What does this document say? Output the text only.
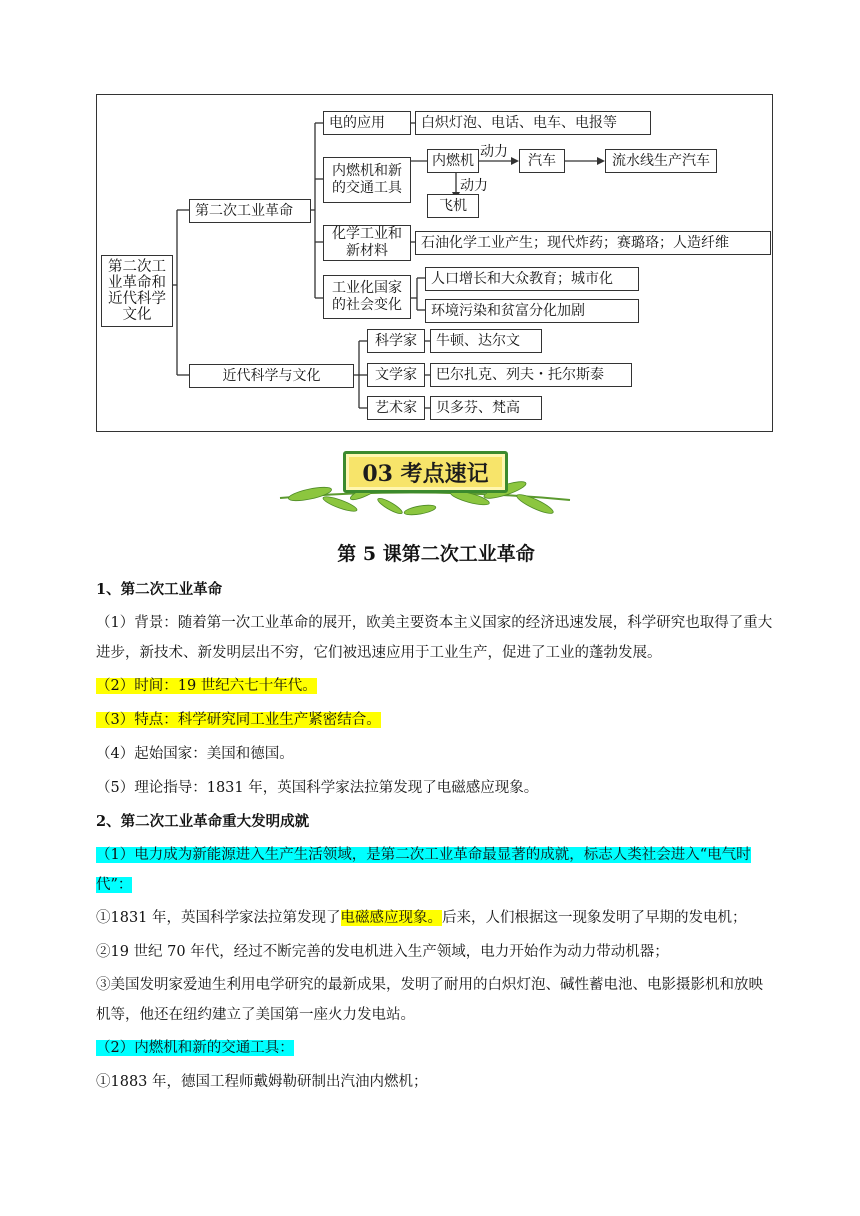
第二次工业革命和近代科学文化
第二次工业革命
近代科学与文化
电的应用	白炽灯泡、电话、电车、电报等
内燃机和新的交通工具
内燃机
动力
汽车	流水线生产汽车
动力
飞机
化学工业和新材料
石油化学工业产生；现代炸药；赛璐珞；人造纤维
工业化国家的社会变化
人口增长和大众教育；城市化
环境污染和贫富分化加剧
科学家	牛顿、达尔文
文学家	巴尔扎克、列夫・托尔斯泰
艺术家	贝多芬、梵高
03 考点速记
第 5 课第二次工业革命

1、第二次工业革命

（1）背景：随着第一次工业革命的展开，欧美主要资本主义国家的经济迅速发展，科学研究也取得了重大进步，新技术、新发明层出不穷，它们被迅速应用于工业生产，促进了工业的蓬勃发展。

（2）时间：19 世纪六七十年代。

（3）特点：科学研究同工业生产紧密结合。

（4）起始国家：美国和德国。

（5）理论指导：1831 年，英国科学家法拉第发现了电磁感应现象。

2、第二次工业革命重大发明成就

（1）电力成为新能源进入生产生活领域，是第二次工业革命最显著的成就，标志人类社会进入“电气时代”：

①1831 年，英国科学家法拉第发现了电磁感应现象。后来，人们根据这一现象发明了早期的发电机；

②19 世纪 70 年代，经过不断完善的发电机进入生产领域，电力开始作为动力带动机器；

③美国发明家爱迪生利用电学研究的最新成果，发明了耐用的白炽灯泡、碱性蓄电池、电影摄影机和放映机等，他还在纽约建立了美国第一座火力发电站。

（2）内燃机和新的交通工具：

①1883 年，德国工程师戴姆勒研制出汽油内燃机；
